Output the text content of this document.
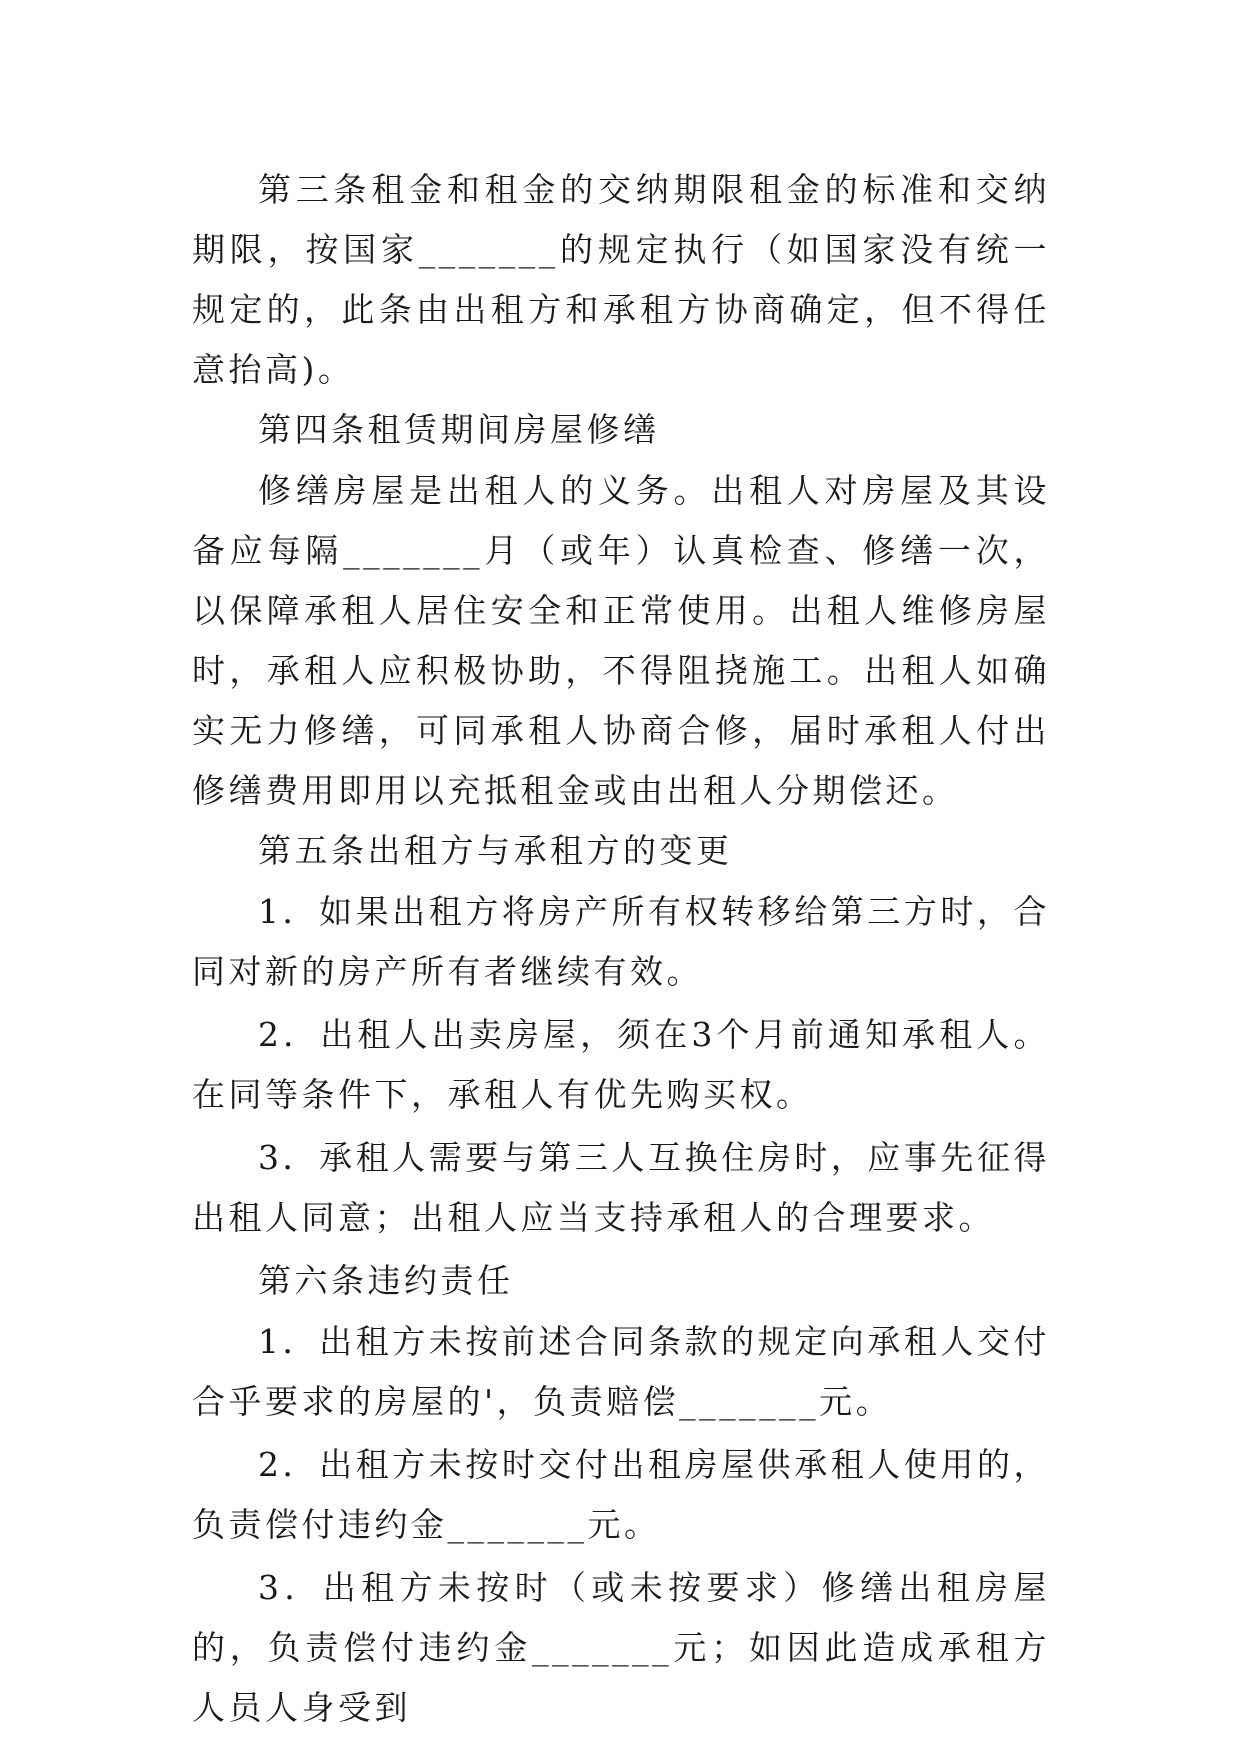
第三条租金和租金的交纳期限租金的标准和交纳期限，按国家_______的规定执行（如国家没有统一规定的，此条由出租方和承租方协商确定，但不得任意抬高)。

第四条租赁期间房屋修缮

修缮房屋是出租人的义务。出租人对房屋及其设备应每隔_______月（或年）认真检查、修缮一次，以保障承租人居住安全和正常使用。出租人维修房屋时，承租人应积极协助，不得阻挠施工。出租人如确实无力修缮，可同承租人协商合修，届时承租人付出修缮费用即用以充抵租金或由出租人分期偿还。

第五条出租方与承租方的变更

1．如果出租方将房产所有权转移给第三方时，合同对新的房产所有者继续有效。

2．出租人出卖房屋，须在3个月前通知承租人。在同等条件下，承租人有优先购买权。

3．承租人需要与第三人互换住房时，应事先征得出租人同意；出租人应当支持承租人的合理要求。

第六条违约责任

1．出租方未按前述合同条款的规定向承租人交付合乎要求的房屋的'，负责赔偿_______元。

2．出租方未按时交付出租房屋供承租人使用的，负责偿付违约金_______元。

3．出租方未按时（或未按要求）修缮出租房屋的，负责偿付违约金_______元；如因此造成承租方人员人身受到
